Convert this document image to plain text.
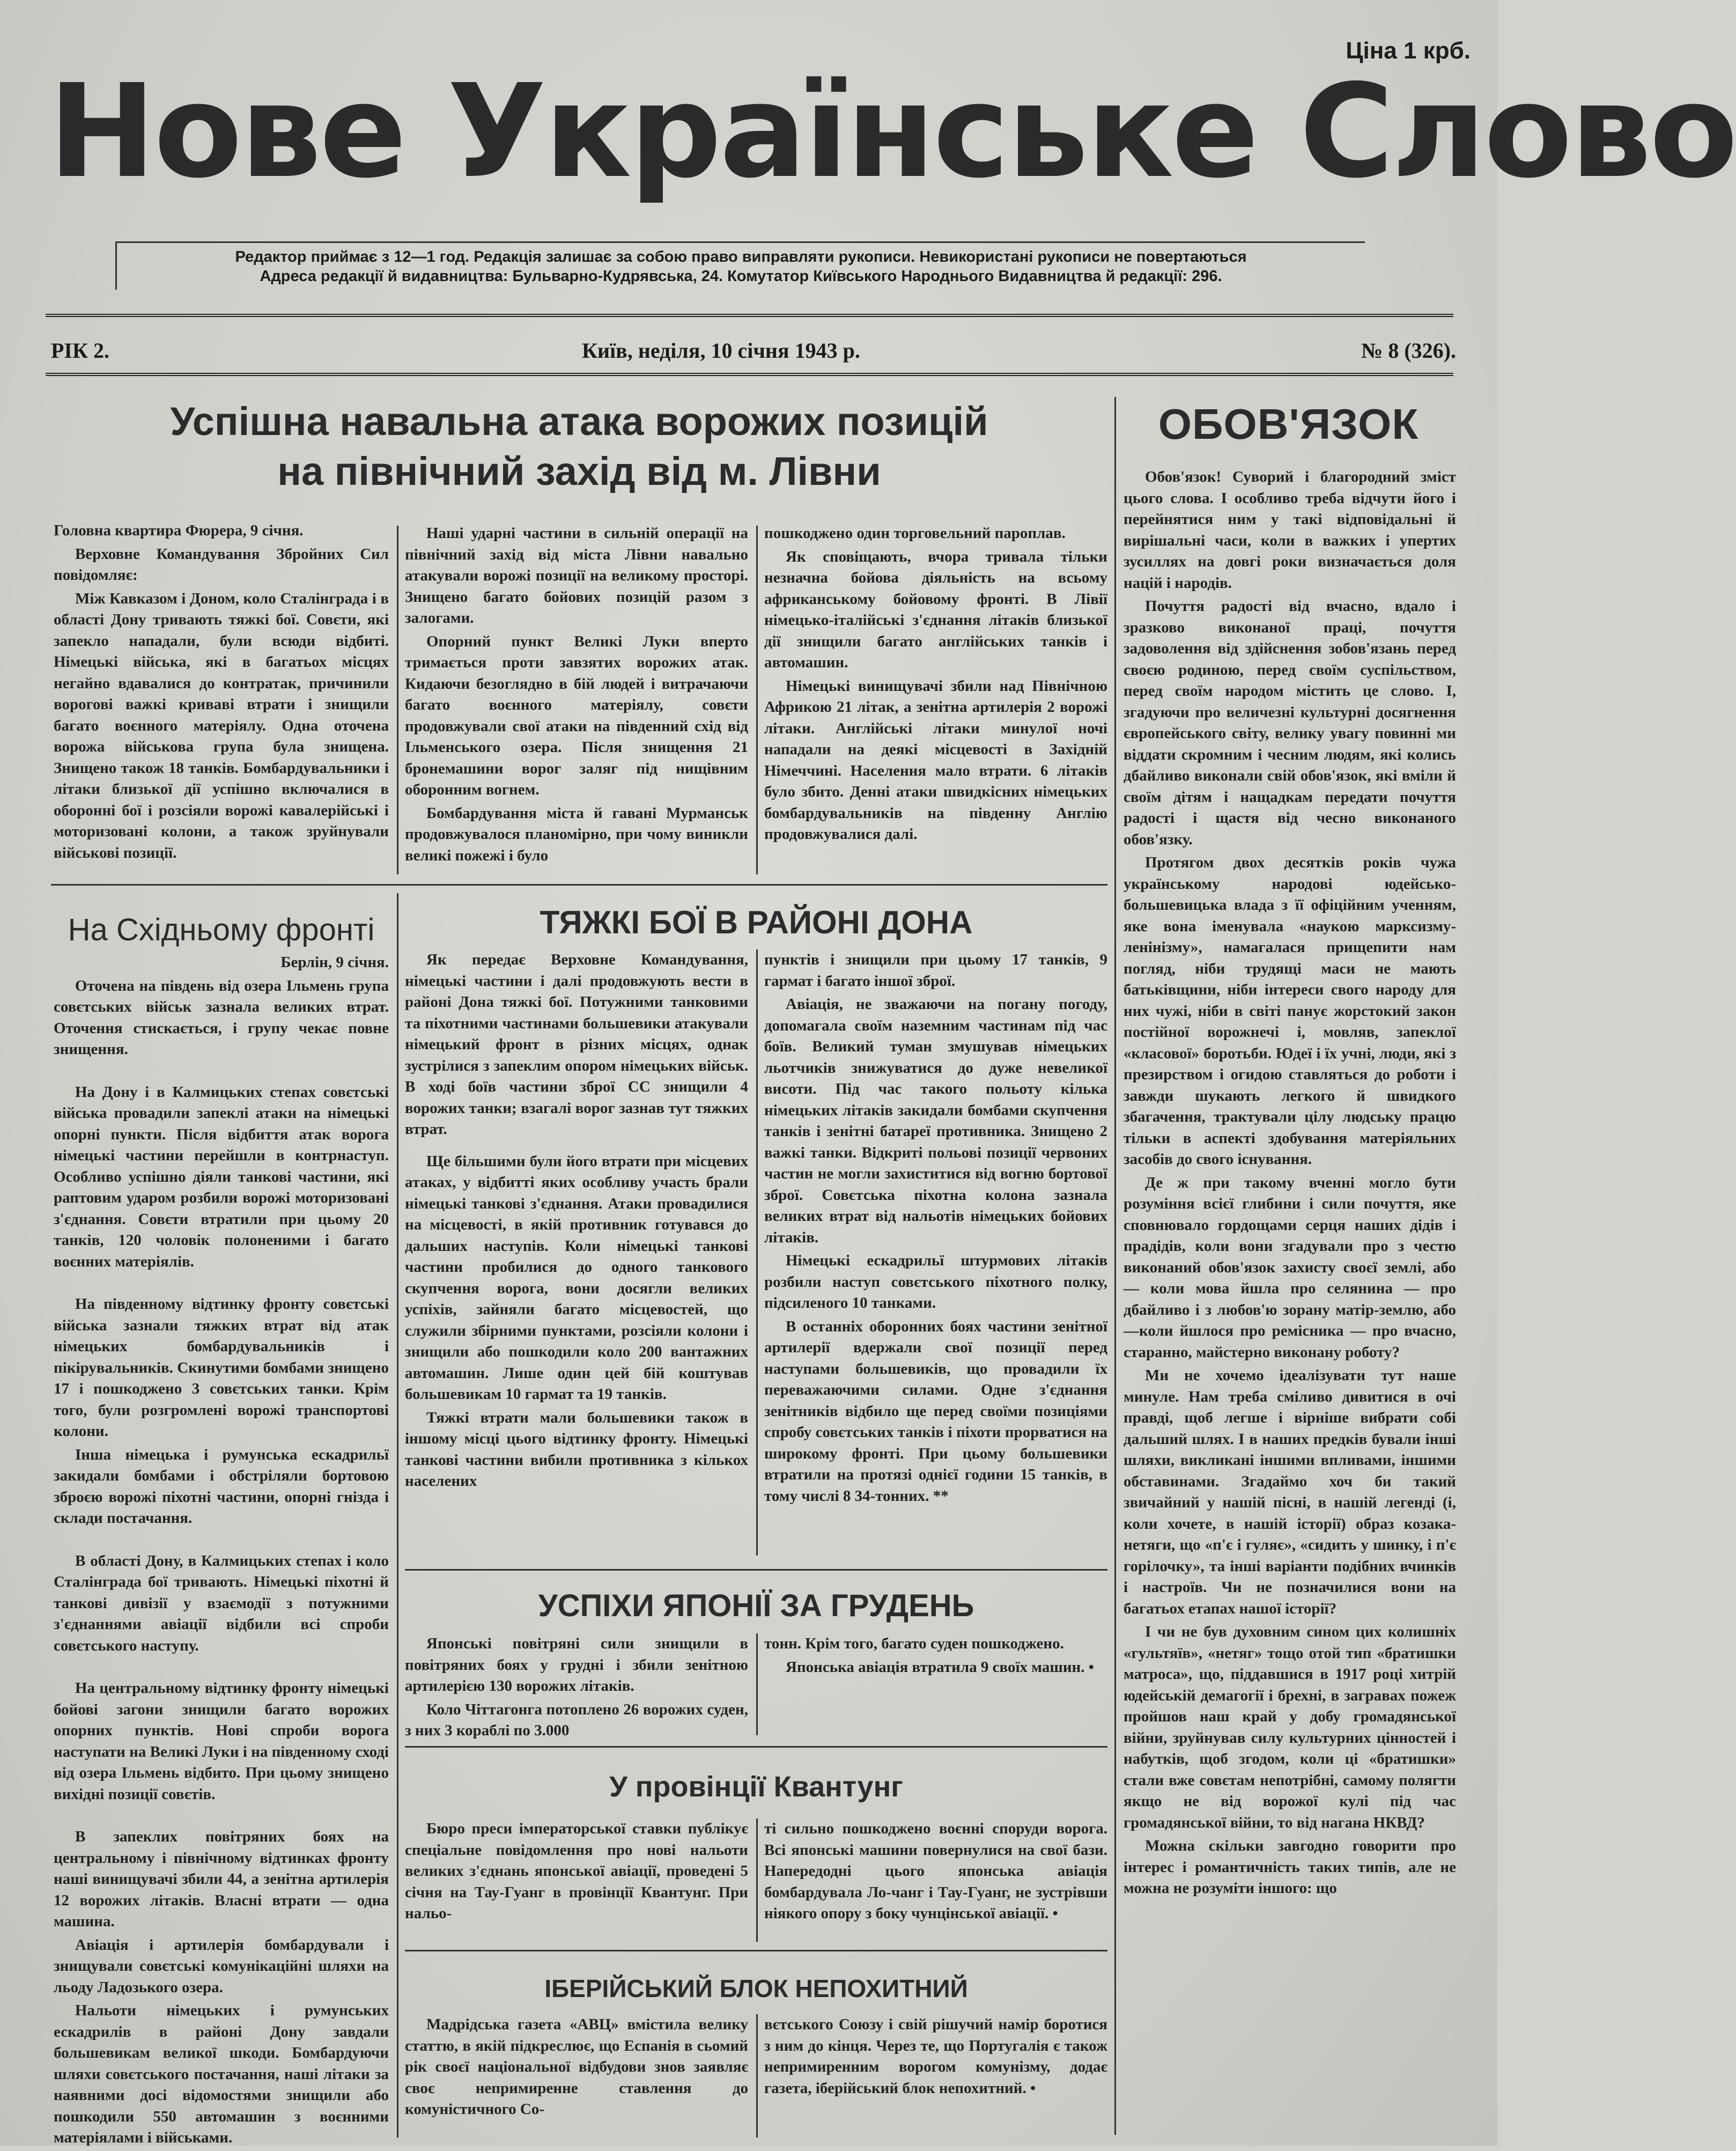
Ціна 1 крб.
Нове Українське Слово
Редактор приймає з 12—1 год. Редакція залишає за собою право виправляти рукописи. Невикористані рукописи не повертаються
Адреса редакції й видавництва: Бульварно-Кудрявська, 24. Комутатор Київського Народнього Видавництва й редакції: 296.
РІК 2.	Київ, неділя, 10 січня 1943 р.	№ 8 (326).
Успішна навальна атака ворожих позицій
на північний захід від м. Лівни

Головна квартира Фюрера, 9 січня.

Верховне Командування Збройних Сил повідомляє:

Між Кавказом і Доном, коло Сталінграда і в області Дону тривають тяжкі бої. Совєти, які запекло нападали, були всюди відбиті. Німецькі війська, які в багатьох місцях негайно вдавалися до контратак, причинили ворогові важкі криваві втрати і знищили багато воєнного матеріялу. Одна оточена ворожа військова група була знищена. Знищено також 18 танків. Бомбардувальники і літаки близької дії успішно включалися в оборонні бої і розсіяли ворожі кавалерійські і моторизовані колони, а також зруйнували військові позиції.

Наші ударні частини в сильній операції на північний захід від міста Лівни навально атакували ворожі позиції на великому просторі. Знищено багато бойових позицій разом з залогами.

Опорний пункт Великі Луки вперто тримається проти завзятих ворожих атак. Кидаючи безоглядно в бій людей і витрачаючи багато воєнного матеріялу, совєти продовжували свої атаки на південний схід від Ільменського озера. Після знищення 21 бронемашини ворог заляг під нищівним оборонним вогнем.

Бомбардування міста й гавані Мурманськ продовжувалося планомірно, при чому виникли великі пожежі і було

пошкоджено один торговельний пароплав.

Як сповіщають, вчора тривала тільки незначна бойова діяльність на всьому африканському бойовому фронті. В Лівії німецько-італійські з'єднання літаків близької дії знищили багато англійських танків і автомашин.

Німецькі винищувачі збили над Північною Африкою 21 літак, а зенітна артилерія 2 ворожі літаки. Англійські літаки минулої ночі нападали на деякі місцевості в Західній Німеччині. Населення мало втрати. 6 літаків було збито. Денні атаки швидкісних німецьких бомбардувальників на південну Англію продовжувалися далі.

На Східньому фронті

Берлін, 9 січня.

Оточена на південь від озера Ільмень група совєтських військ зазнала великих втрат. Оточення стискається, і групу чекає повне знищення.

На Дону і в Калмицьких степах совєтські війська провадили запеклі атаки на німецькі опорні пункти. Після відбиття атак ворога німецькі частини перейшли в контрнаступ. Особливо успішно діяли танкові частини, які раптовим ударом розбили ворожі моторизовані з'єднання. Совєти втратили при цьому 20 танків, 120 чоловік полоненими і багато воєнних матеріялів.

На південному відтинку фронту совєтські війська зазнали тяжких втрат від атак німецьких бомбардувальників і пікірувальників. Скинутими бомбами знищено 17 і пошкоджено 3 совєтських танки. Крім того, були розгромлені ворожі транспортові колони.

Інша німецька і румунська ескадрильї закидали бомбами і обстріляли бортовою зброєю ворожі піхотні частини, опорні гнізда і склади постачання.

В області Дону, в Калмицьких степах і коло Сталінграда бої тривають. Німецькі піхотні й танкові дивізії у взаємодії з потужними з'єднаннями авіації відбили всі спроби совєтського наступу.

На центральному відтинку фронту німецькі бойові загони знищили багато ворожих опорних пунктів. Нові спроби ворога наступати на Великі Луки і на південному сході від озера Ільмень відбито. При цьому знищено вихідні позиції совєтів.

В запеклих повітряних боях на центральному і північному відтинках фронту наші винищувачі збили 44, а зенітна артилерія 12 ворожих літаків. Власні втрати — одна машина.

Авіація і артилерія бомбардували і знищували совєтські комунікаційні шляхи на льоду Ладозького озера.

Нальоти німецьких і румунських ескадрилів в районі Дону завдали большевикам великої шкоди. Бомбардуючи шляхи совєтського постачання, наші літаки за наявними досі відомостями знищили або пошкодили 550 автомашин з воєнними матеріялами і військами.

ТЯЖКІ БОЇ В РАЙОНІ ДОНА

Як передає Верховне Командування, німецькі частини і далі продовжують вести в районі Дона тяжкі бої. Потужними танковими та піхотними частинами большевики атакували німецький фронт в різних місцях, однак зустрілися з запеклим опором німецьких військ. В ході боїв частини зброї СС знищили 4 ворожих танки; взагалі ворог зазнав тут тяжких втрат.

Ще більшими були його втрати при місцевих атаках, у відбитті яких особливу участь брали німецькі танкові з'єднання. Атаки провадилися на місцевості, в якій противник готувався до дальших наступів. Коли німецькі танкові частини пробилися до одного танкового скупчення ворога, вони досягли великих успіхів, зайняли багато місцевостей, що служили збірними пунктами, розсіяли колони і знищили або пошкодили коло 200 вантажних автомашин. Лише один цей бій коштував большевикам 10 гармат та 19 танків.

Тяжкі втрати мали большевики також в іншому місці цього відтинку фронту. Німецькі танкові частини вибили противника з кількох населених

пунктів і знищили при цьому 17 танків, 9 гармат і багато іншої зброї.

Авіація, не зважаючи на погану погоду, допомагала своїм наземним частинам під час боїв. Великий туман змушував німецьких льотчиків знижуватися до дуже невеликої висоти. Під час такого польоту кілька німецьких літаків закидали бомбами скупчення танків і зенітні батареї противника. Знищено 2 важкі танки. Відкриті польові позиції червоних частин не могли захиститися від вогню бортової зброї. Совєтська піхотна колона зазнала великих втрат від нальотів німецьких бойових літаків.

Німецькі ескадрильї штурмових літаків розбили наступ совєтського піхотного полку, підсиленого 10 танками.

В останніх оборонних боях частини зенітної артилерії вдержали свої позиції перед наступами большевиків, що провадили їх переважаючими силами. Одне з'єднання зенітників відбило ще перед своїми позиціями спробу совєтських танків і піхоти прорватися на широкому фронті. При цьому большевики втратили на протязі однієї години 15 танків, в тому числі 8 34-тонних. **

УСПІХИ ЯПОНІЇ ЗА ГРУДЕНЬ

Японські повітряні сили знищили в повітряних боях у грудні і збили зенітною артилерією 130 ворожих літаків.

Коло Чіттагонга потоплено 26 ворожих суден, з них 3 кораблі по 3.000

тонн. Крім того, багато суден пошкоджено.

Японська авіація втратила 9 своїх машин. •

У провінції Квантунг

Бюро преси імператорської ставки публікує спеціальне повідомлення про нові нальоти великих з'єднань японської авіації, проведені 5 січня на Тау-Гуанг в провінції Квантунг. При нальо-

ті сильно пошкоджено воєнні споруди ворога. Всі японські машини повернулися на свої бази. Напередодні цього японська авіація бомбардувала Ло-чанг і Тау-Гуанг, не зустрівши ніякого опору з боку чунцінської авіації. •

ІБЕРІЙСЬКИЙ БЛОК НЕПОХИТНИЙ

Мадрідська газета «АВЦ» вмістила велику статтю, в якій підкреслює, що Еспанія в сьомий рік своєї національної відбудови знов заявляє своє непримиренне ставлення до комуністичного Со-

вєтського Союзу і свій рішучий намір боротися з ним до кінця. Через те, що Португалія є також непримиренним ворогом комунізму, додає газета, іберійський блок непохитний. •

ОБОВ'ЯЗОК

Обов'язок! Суворий і благородний зміст цього слова. І особливо треба відчути його і перейнятися ним у такі відповідальні й вирішальні часи, коли в важких і упертих зусиллях на довгі роки визначається доля націй і народів.

Почуття радості від вчасно, вдало і зразково виконаної праці, почуття задоволення від здійснення зобов'язань перед своєю родиною, перед своїм суспільством, перед своїм народом містить це слово. І, згадуючи про величезні культурні досягнення європейського світу, велику увагу повинні ми віддати скромним і чесним людям, які колись дбайливо виконали свій обов'язок, які вміли й своїм дітям і нащадкам передати почуття радості і щастя від чесно виконаного обов'язку.

Протягом двох десятків років чужа українському народові юдейсько-большевицька влада з її офіційним ученням, яке вона іменувала «наукою марксизму-ленінізму», намагалася прищепити нам погляд, ніби трудящі маси не мають батьківщини, ніби інтереси свого народу для них чужі, ніби в світі панує жорстокий закон постійної ворожнечі і, мовляв, запеклої «класової» боротьби. Юдеї і їх учні, люди, які з презирством і огидою ставляться до роботи і завжди шукають легкого й швидкого збагачення, трактували цілу людську працю тільки в аспекті здобування матеріяльних засобів до свого існування.

Де ж при такому вченні могло бути розуміння всієї глибини і сили почуття, яке сповнювало гордощами серця наших дідів і прадідів, коли вони згадували про з честю виконаний обов'язок захисту своєї землі, або — коли мова йшла про селянина — про дбайливо і з любов'ю зорану матір-землю, або—коли йшлося про ремісника — про вчасно, старанно, майстерно виконану роботу?

Ми не хочемо ідеалізувати тут наше минуле. Нам треба сміливо дивитися в очі правді, щоб легше і вірніше вибрати собі дальший шлях. І в наших предків бували інші шляхи, викликані іншими впливами, іншими обставинами. Згадаймо хоч би такий звичайний у нашій пісні, в нашій легенді (і, коли хочете, в нашій історії) образ козака-нетяги, що «п'є і гуляє», «сидить у шинку, і п'є горілочку», та інші варіанти подібних вчинків і настроїв. Чи не позначилися вони на багатьох етапах нашої історії?

І чи не був духовним сином цих колишніх «гультяїв», «нетяг» тощо отой тип «братишки матроса», що, піддавшися в 1917 році хитрій юдейській демагогії і брехні, в загравах пожеж пройшов наш край у добу громадянської війни, зруйнував силу культурних цінностей і набутків, щоб згодом, коли ці «братишки» стали вже совєтам непотрібні, самому полягти якщо не від ворожої кулі під час громадянської війни, то від нагана НКВД?

Можна скільки завгодно говорити про інтерес і романтичність таких типів, але не можна не розуміти іншого: що
